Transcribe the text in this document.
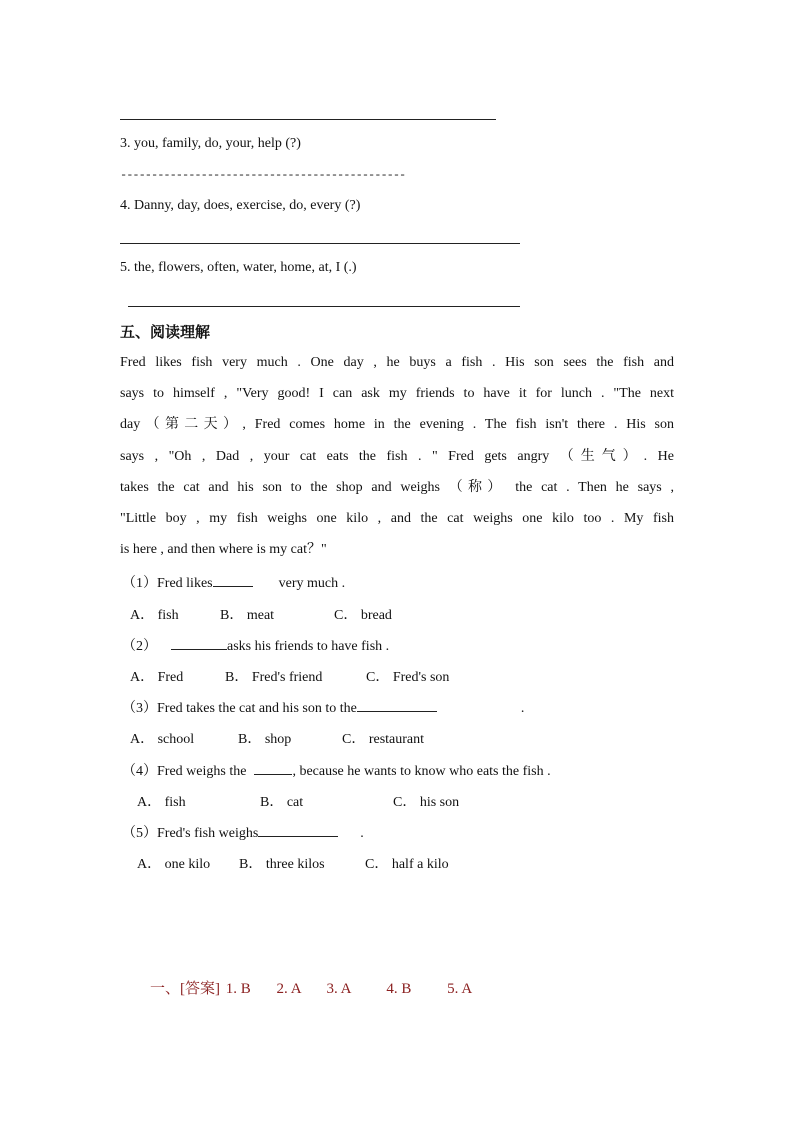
3. you, family, do, your, help (?)
----------------------------------------------
4. Danny, day, does, exercise, do, every (?)
5. the, flowers, often, water, home, at, I (.)
五、阅读理解
Fred likes fish very much . One day , he buys a fish . His son sees the fish and
says to himself , "Very good! I can ask my friends to have it for lunch . "The next
day（第二天）, Fred comes home in the evening . The fish isn't there . His son
says , "Oh , Dad , your cat eats the fish . " Fred gets angry （生气）. He
takes the cat and his son to the shop and weighs （称） the cat . Then he says ,
"Little boy , my fish weighs one kilo , and the cat weighs one kilo too . My fish
is here , and then where is my cat？"
（1）Fred likes	very much .
A． fish	B． meat	C． bread
（2）	asks his friends to have fish .
A． Fred	B． Fred's friend	C． Fred's son
（3）Fred takes the cat and his son to the	.
A． school	B． shop	C． restaurant
（4）Fred weighs the	, because he wants to know who eats the fish .
A． fish	B． cat	C． his son
（5）Fred's fish weighs	.
A． one kilo B． three kilos	C． half a kilo
一、[答案] 1. B 2. A 3. A 4. B 5. A
